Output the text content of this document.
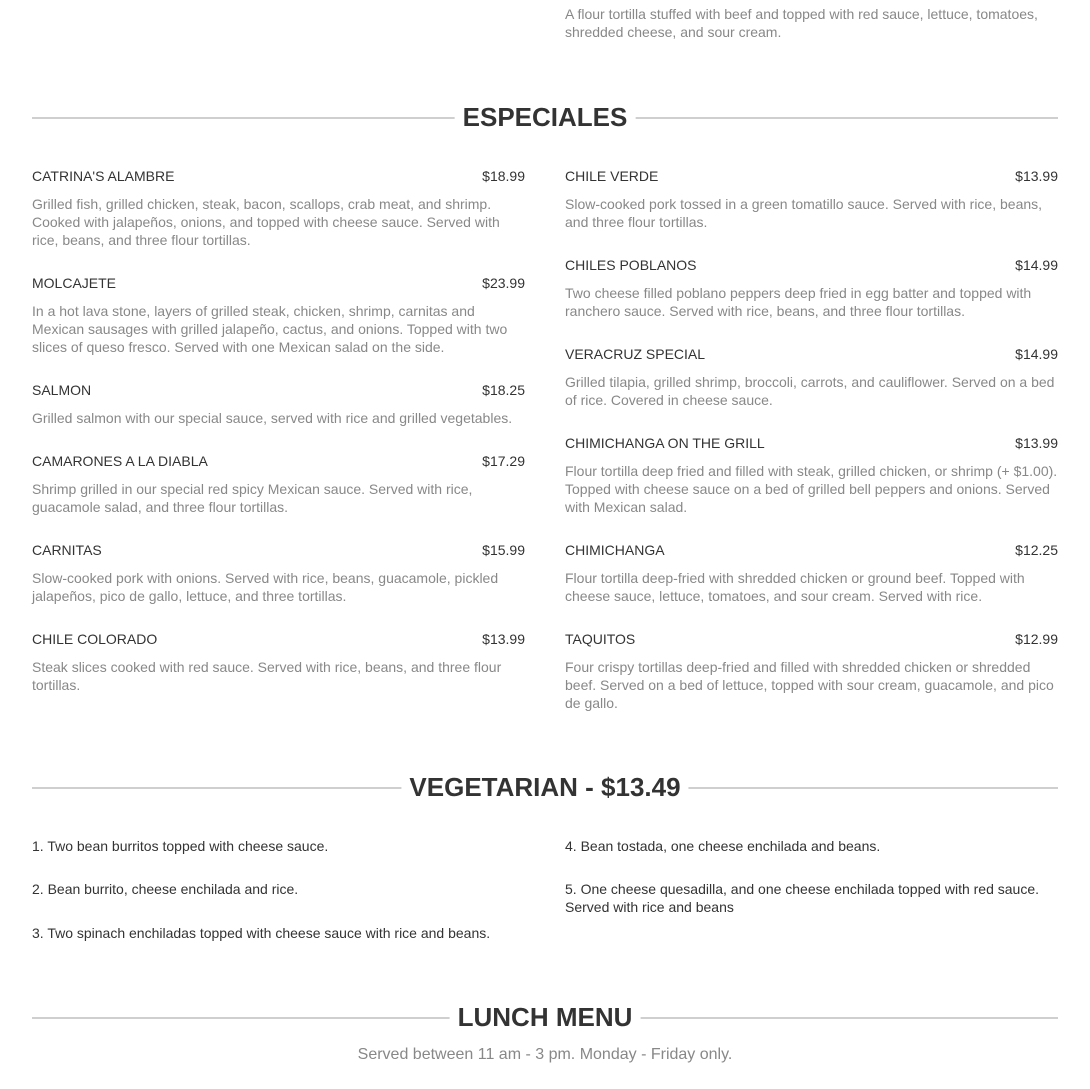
A flour tortilla stuffed with beef and topped with red sauce, lettuce, tomatoes, shredded cheese, and sour cream.
ESPECIALES
CATRINA'S ALAMBRE	$18.99
Grilled fish, grilled chicken, steak, bacon, scallops, crab meat, and shrimp. Cooked with jalapeños, onions, and topped with cheese sauce. Served with rice, beans, and three flour tortillas.
MOLCAJETE	$23.99
In a hot lava stone, layers of grilled steak, chicken, shrimp, carnitas and Mexican sausages with grilled jalapeño, cactus, and onions. Topped with two slices of queso fresco. Served with one Mexican salad on the side.
SALMON	$18.25
Grilled salmon with our special sauce, served with rice and grilled vegetables.
CAMARONES A LA DIABLA	$17.29
Shrimp grilled in our special red spicy Mexican sauce. Served with rice, guacamole salad, and three flour tortillas.
CARNITAS	$15.99
Slow-cooked pork with onions. Served with rice, beans, guacamole, pickled jalapeños, pico de gallo, lettuce, and three tortillas.
CHILE COLORADO	$13.99
Steak slices cooked with red sauce. Served with rice, beans, and three flour tortillas.
CHILE VERDE	$13.99
Slow-cooked pork tossed in a green tomatillo sauce. Served with rice, beans, and three flour tortillas.
CHILES POBLANOS	$14.99
Two cheese filled poblano peppers deep fried in egg batter and topped with ranchero sauce. Served with rice, beans, and three flour tortillas.
VERACRUZ SPECIAL	$14.99
Grilled tilapia, grilled shrimp, broccoli, carrots, and cauliflower. Served on a bed of rice. Covered in cheese sauce.
CHIMICHANGA ON THE GRILL	$13.99
Flour tortilla deep fried and filled with steak, grilled chicken, or shrimp (+ $1.00). Topped with cheese sauce on a bed of grilled bell peppers and onions. Served with Mexican salad.
CHIMICHANGA	$12.25
Flour tortilla deep-fried with shredded chicken or ground beef. Topped with cheese sauce, lettuce, tomatoes, and sour cream. Served with rice.
TAQUITOS	$12.99
Four crispy tortillas deep-fried and filled with shredded chicken or shredded beef. Served on a bed of lettuce, topped with sour cream, guacamole, and pico de gallo.
VEGETARIAN - $13.49
1. Two bean burritos topped with cheese sauce.
2. Bean burrito, cheese enchilada and rice.
3. Two spinach enchiladas topped with cheese sauce with rice and beans.
4. Bean tostada, one cheese enchilada and beans.
5. One cheese quesadilla, and one cheese enchilada topped with red sauce. Served with rice and beans
LUNCH MENU
Served between 11 am - 3 pm. Monday - Friday only.
